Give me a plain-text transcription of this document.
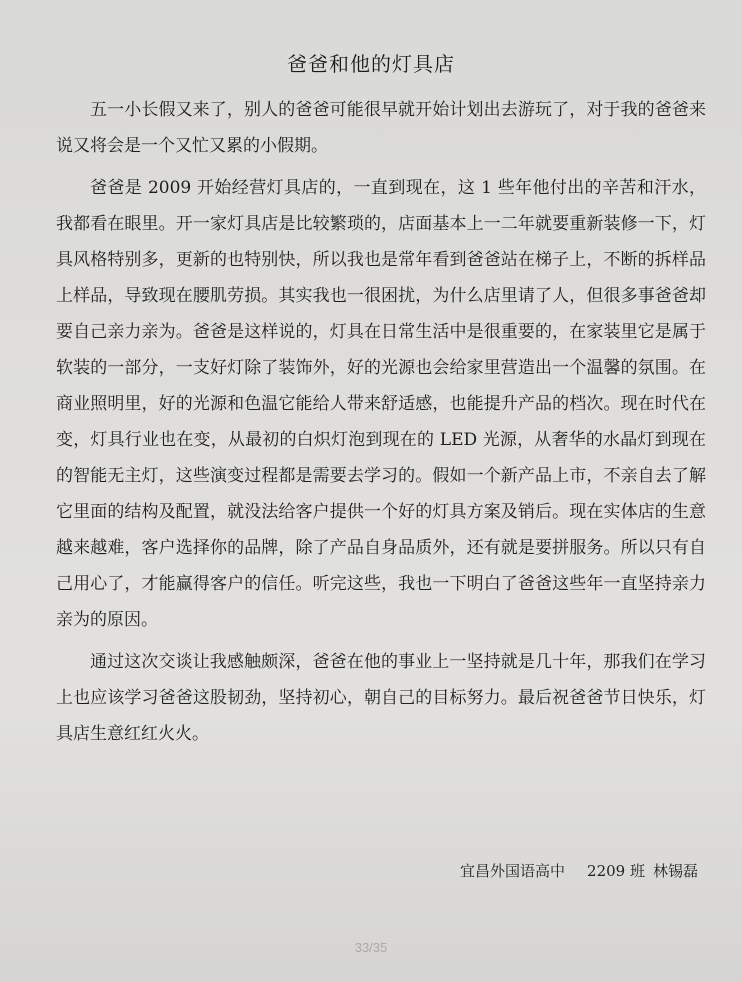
爸爸和他的灯具店

五一小长假又来了，别人的爸爸可能很早就开始计划出去游玩了，对于我的爸爸来说又将会是一个又忙又累的小假期。

爸爸是 2009 开始经营灯具店的，一直到现在，这 1 些年他付出的辛苦和汗水，我都看在眼里。开一家灯具店是比较繁琐的，店面基本上一二年就要重新装修一下，灯具风格特别多，更新的也特别快，所以我也是常年看到爸爸站在梯子上，不断的拆样品上样品，导致现在腰肌劳损。其实我也一很困扰，为什么店里请了人，但很多事爸爸却要自己亲力亲为。爸爸是这样说的，灯具在日常生活中是很重要的，在家装里它是属于软装的一部分，一支好灯除了装饰外，好的光源也会给家里营造出一个温馨的氛围。在商业照明里，好的光源和色温它能给人带来舒适感，也能提升产品的档次。现在时代在变，灯具行业也在变，从最初的白炽灯泡到现在的 LED 光源，从奢华的水晶灯到现在的智能无主灯，这些演变过程都是需要去学习的。假如一个新产品上市，不亲自去了解它里面的结构及配置，就没法给客户提供一个好的灯具方案及销后。现在实体店的生意越来越难，客户选择你的品牌，除了产品自身品质外，还有就是要拼服务。所以只有自己用心了，才能赢得客户的信任。听完这些，我也一下明白了爸爸这些年一直坚持亲力亲为的原因。

通过这次交谈让我感触颇深，爸爸在他的事业上一坚持就是几十年，那我们在学习上也应该学习爸爸这股韧劲，坚持初心，朝自己的目标努力。最后祝爸爸节日快乐，灯具店生意红红火火。

宜昌外国语高中 2209 班 林锡磊
33/35
